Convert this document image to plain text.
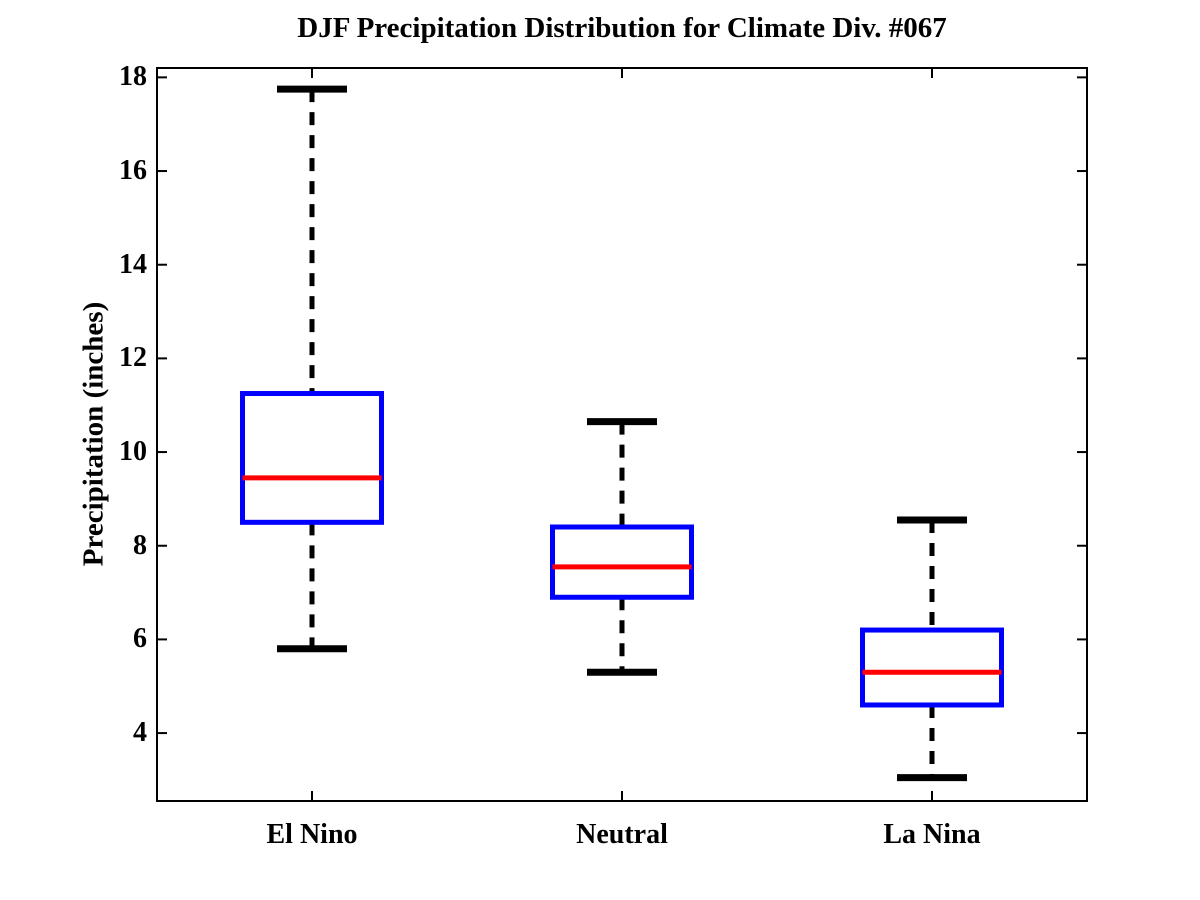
DJF Precipitation Distribution for Climate Div. #067
Precipitation (inches)
4
6
8
10
12
14
16
18
El Nino	Neutral	La Nina
